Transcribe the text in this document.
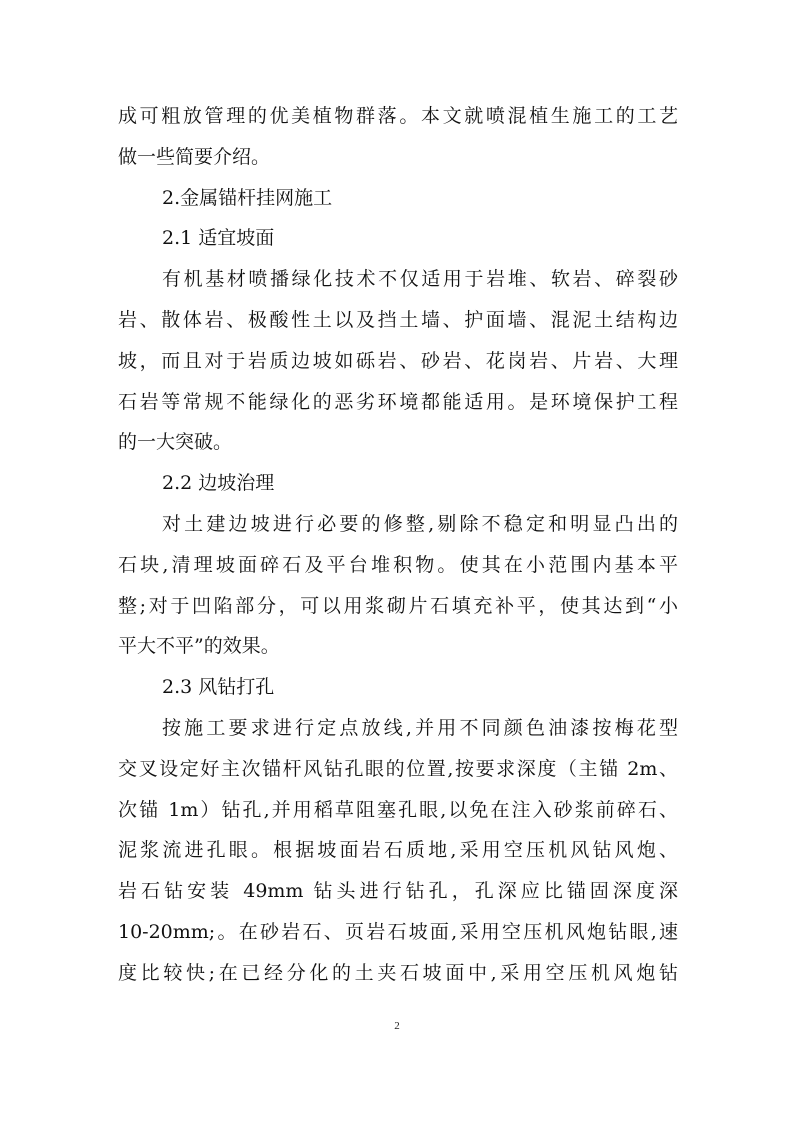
成可粗放管理的优美植物群落。本文就喷混植生施工的工艺
做一些简要介绍。
2.金属锚杆挂网施工
2.1 适宜坡面
有机基材喷播绿化技术不仅适用于岩堆、软岩、碎裂砂
岩、散体岩、极酸性土以及挡土墙、护面墙、混泥土结构边
坡，而且对于岩质边坡如砾岩、砂岩、花岗岩、片岩、大理
石岩等常规不能绿化的恶劣环境都能适用。是环境保护工程
的一大突破。
2.2 边坡治理
对土建边坡进行必要的修整,剔除不稳定和明显凸出的
石块,清理坡面碎石及平台堆积物。使其在小范围内基本平
整;对于凹陷部分，可以用浆砌片石填充补平，使其达到“小
平大不平”的效果。
2.3 风钻打孔
按施工要求进行定点放线,并用不同颜色油漆按梅花型
交叉设定好主次锚杆风钻孔眼的位置,按要求深度（主锚 2m、
次锚 1m）钻孔,并用稻草阻塞孔眼,以免在注入砂浆前碎石、
泥浆流进孔眼。根据坡面岩石质地,采用空压机风钻风炮、
岩石钻安装 49mm 钻头进行钻孔，孔深应比锚固深度深
10-20mm;。在砂岩石、页岩石坡面,采用空压机风炮钻眼,速
度比较快;在已经分化的土夹石坡面中,采用空压机风炮钻
2
